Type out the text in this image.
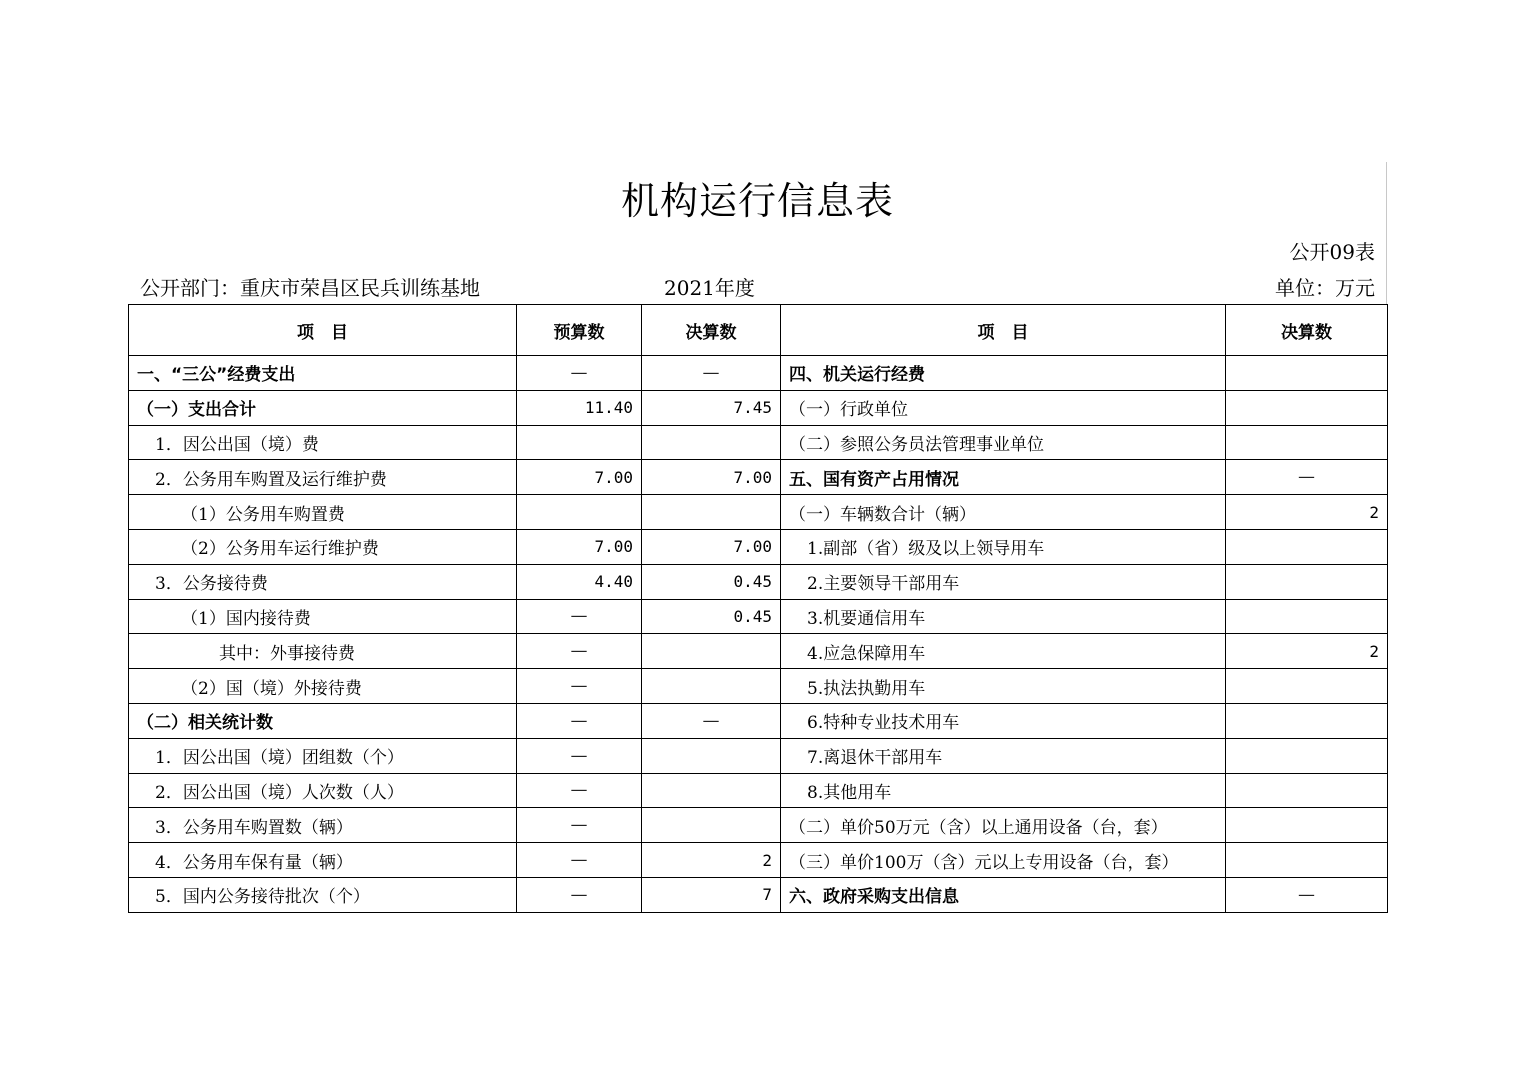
机构运行信息表
公开09表
公开部门：重庆市荣昌区民兵训练基地	2021年度	单位：万元
项　目	预算数	决算数	项　目	决算数
一、“三公”经费支出	—	—	四、机关运行经费	
（一）支出合计	11.40	7.45	（一）行政单位	
1．因公出国（境）费			（二）参照公务员法管理事业单位	
2．公务用车购置及运行维护费	7.00	7.00	五、国有资产占用情况	—
（1）公务用车购置费			（一）车辆数合计（辆）	2
（2）公务用车运行维护费	7.00	7.00	1.副部（省）级及以上领导用车	
3．公务接待费	4.40	0.45	2.主要领导干部用车	
（1）国内接待费	—	0.45	3.机要通信用车	
其中：外事接待费	—		4.应急保障用车	2
（2）国（境）外接待费	—		5.执法执勤用车	
（二）相关统计数	—	—	6.特种专业技术用车	
1．因公出国（境）团组数（个）	—		7.离退休干部用车	
2．因公出国（境）人次数（人）	—		8.其他用车	
3．公务用车购置数（辆）	—		（二）单价50万元（含）以上通用设备（台，套）	
4．公务用车保有量（辆）	—	2	（三）单价100万（含）元以上专用设备（台，套）	
5．国内公务接待批次（个）	—	7	六、政府采购支出信息	—
